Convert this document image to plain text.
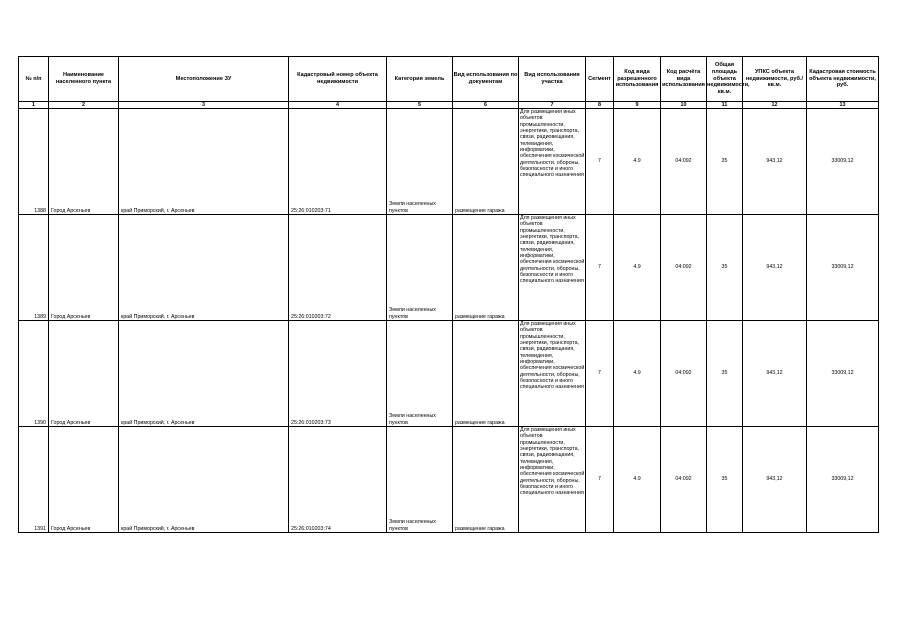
№ п/п	Наименование населенного пункта	Местоположение ЗУ	Кадастровый номер объекта недвижимости	Категория земель	Вид использования по документам	Вид использования участка	Сегмент	Код вида разрешенного использования	Код расчёта вида использования	Общая площадь объекта недвижимости, кв.м.	УПКС объекта недвижимости, руб./кв.м.	Кадастровая стоимость объекта недвижимости, руб.
1	2	3	4	5	6	7	8	9	10	11	12	13
1388	Город Арсеньев	край Приморский, г. Арсеньев	25:26:010203:71	Земли населенных пунктов	размещение гаража	Для размещения иных объектов промышленности, энергетики, транспорта, связи, радиовещания, телевидения, информатики, обеспечения космической деятельности, обороны, безопасности и иного специального назначения	7	4.9	04:092	35	943,12	33009,12
1389	Город Арсеньев	край Приморский, г. Арсеньев	25:26:010203:72	Земли населенных пунктов	размещение гаража	Для размещения иных объектов промышленности, энергетики, транспорта, связи, радиовещания, телевидения, информатики, обеспечения космической деятельности, обороны, безопасности и иного специального назначения	7	4.9	04:092	35	943,12	33009,12
1390	Город Арсеньев	край Приморский, г. Арсеньев	25:26:010203:73	Земли населенных пунктов	размещение гаража	Для размещения иных объектов промышленности, энергетики, транспорта, связи, радиовещания, телевидения, информатики, обеспечения космической деятельности, обороны, безопасности и иного специального назначения	7	4.9	04:092	35	943,12	33009,12
1391	Город Арсеньев	край Приморский, г. Арсеньев	25:26:010203:74	Земли населенных пунктов	размещение гаража	Для размещения иных объектов промышленности, энергетики, транспорта, связи, радиовещания, телевидения, информатики, обеспечения космической деятельности, обороны, безопасности и иного специального назначения	7	4.9	04:092	35	943,12	33009,12
